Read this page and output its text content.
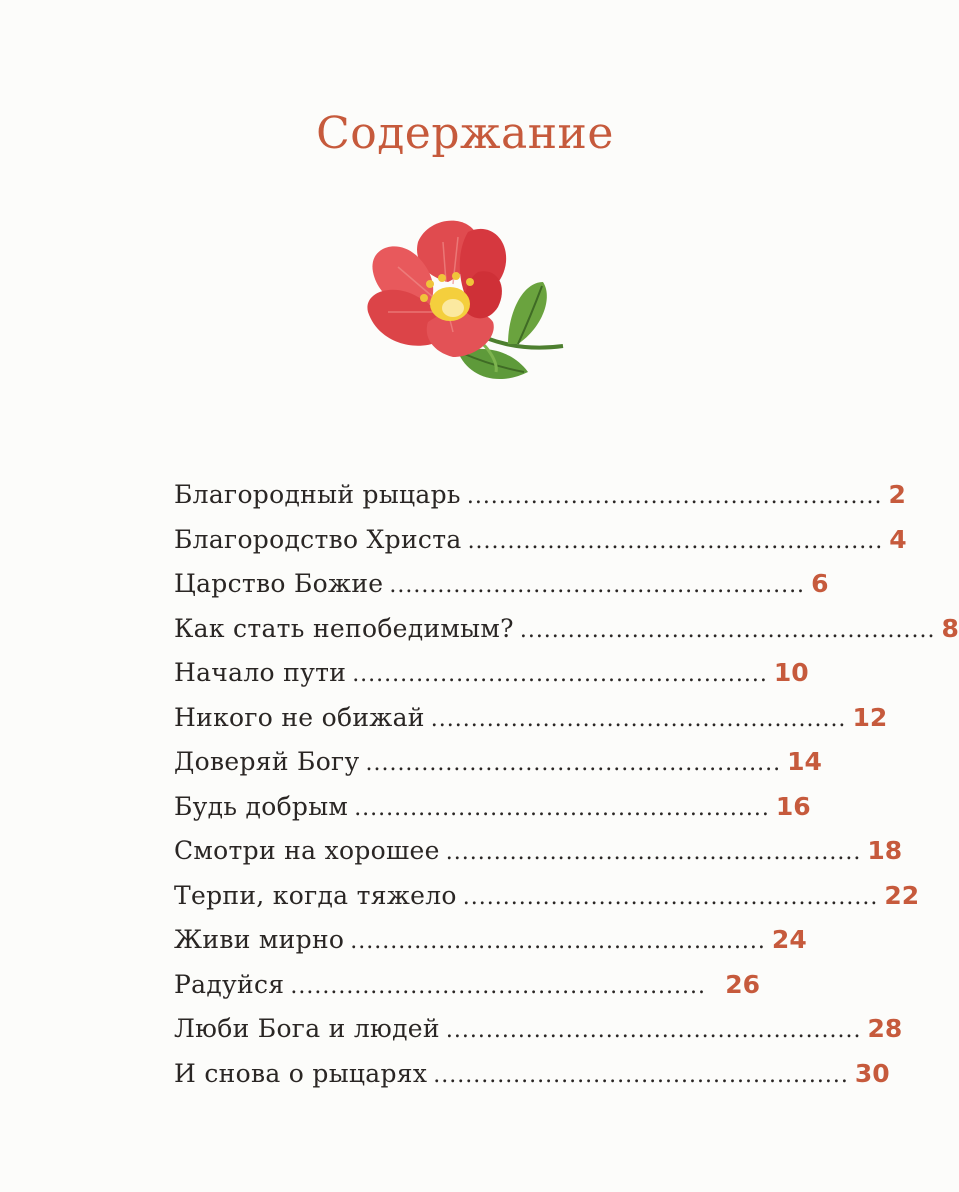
Содержание
Благородный рыцарь .................................................... 2
Благородство Христа .................................................... 4
Царство Божие .................................................... 6
Как стать непобедимым? .................................................... 8
Начало пути .................................................... 10
Никого не обижай .................................................... 12
Доверяй Богу .................................................... 14
Будь добрым .................................................... 16
Смотри на хорошее .................................................... 18
Терпи, когда тяжело .................................................... 22
Живи мирно .................................................... 24
Радуйся .................................................... 26
Люби Бога и людей .................................................... 28
И снова о рыцарях .................................................... 30
